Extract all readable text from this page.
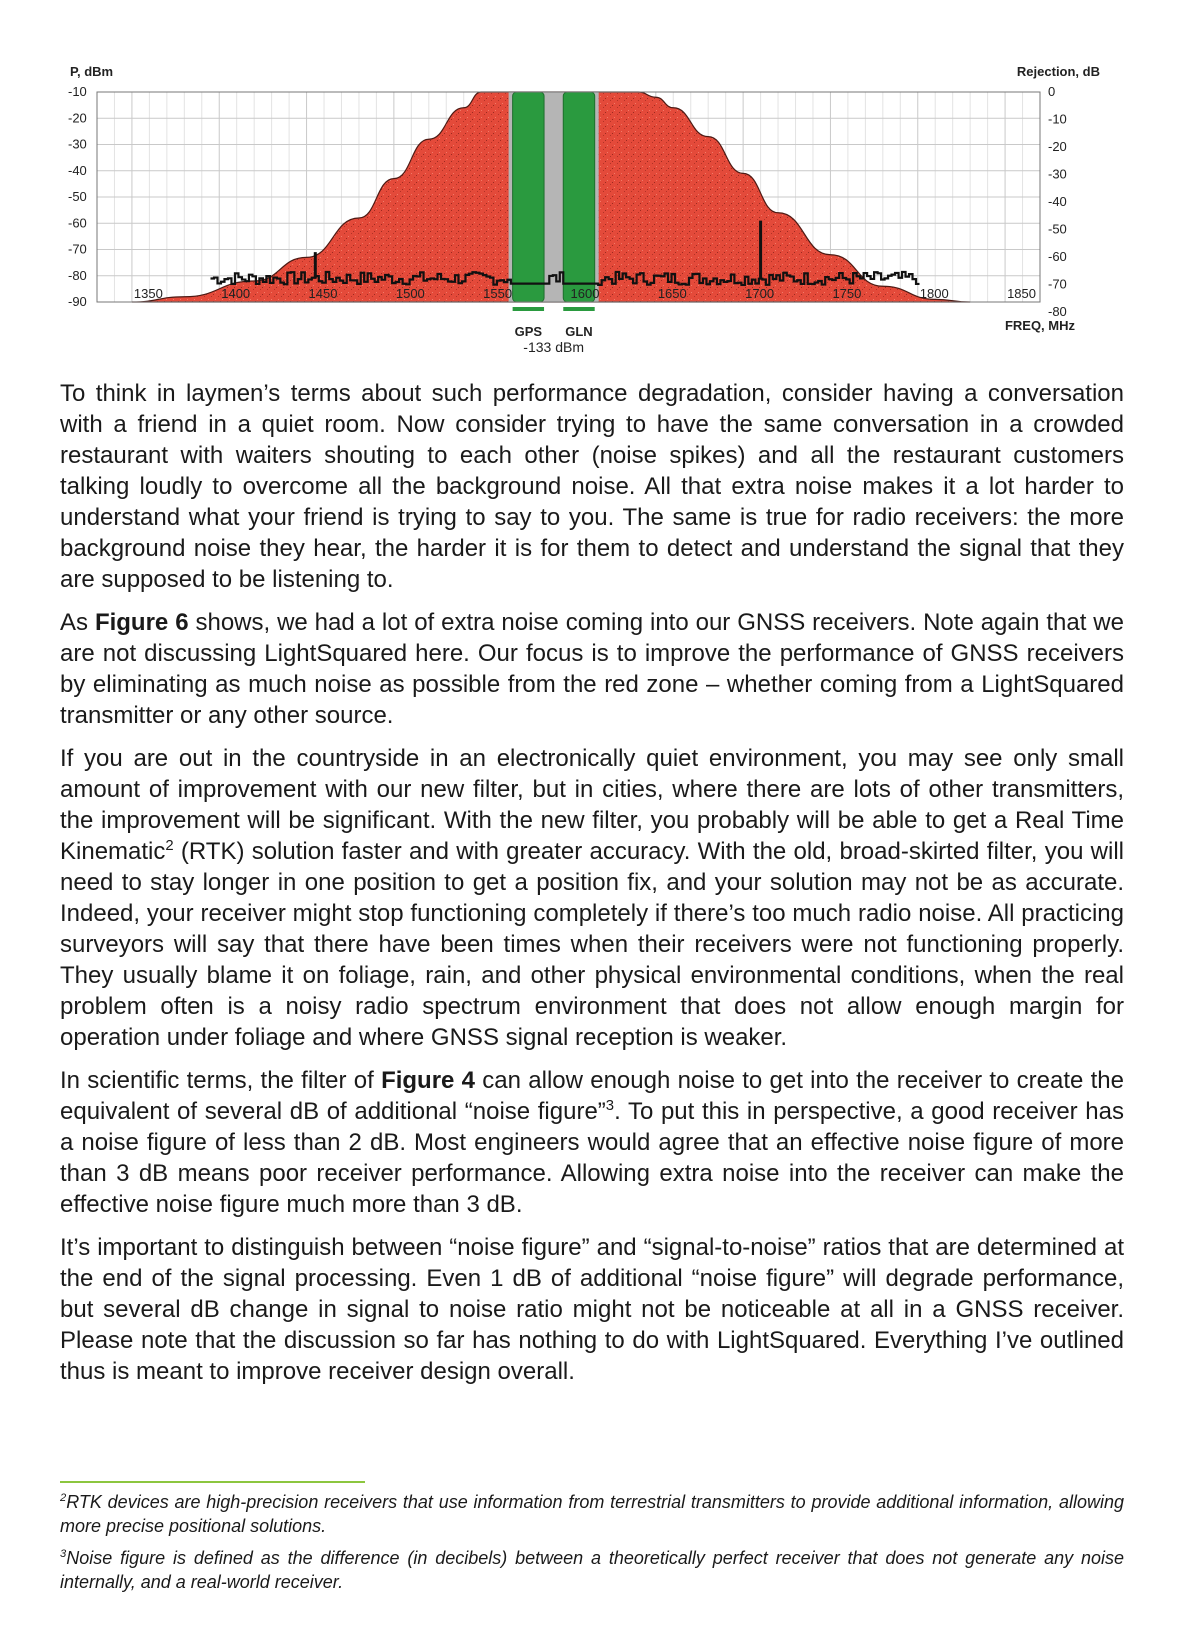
-10
-20
-30
-40
-50
-60
-70
-80
-90
0
-10
-20
-30
-40
-50
-60
-70
-80
1350	1400	1450	1500	1550	1600	1650	1700	1750	1800	1850
P, dBm	Rejection, dB
FREQ, MHz
GPS GLN
-133 dBm

To think in laymen’s terms about such performance degradation, consider having a conversation with a friend in a quiet room. Now consider trying to have the same conversation in a crowded restaurant with waiters shouting to each other (noise spikes) and all the restaurant customers talking loudly to overcome all the background noise. All that extra noise makes it a lot harder to understand what your friend is trying to say to you. The same is true for radio receivers: the more background noise they hear, the harder it is for them to detect and understand the signal that they are supposed to be listening to.

As Figure 6 shows, we had a lot of extra noise coming into our GNSS receivers. Note again that we are not discussing LightSquared here. Our focus is to improve the performance of GNSS receivers by eliminating as much noise as possible from the red zone – whether coming from a LightSquared transmitter or any other source.

If you are out in the countryside in an electronically quiet environment, you may see only small amount of improvement with our new filter, but in cities, where there are lots of other transmitters, the improvement will be significant. With the new filter, you probably will be able to get a Real Time Kinematic$^2$ (RTK) solution faster and with greater accuracy. With the old, broad-skirted filter, you will need to stay longer in one position to get a position fix, and your solution may not be as accurate. Indeed, your receiver might stop functioning completely if there’s too much radio noise. All practicing surveyors will say that there have been times when their receivers were not functioning properly. They usually blame it on foliage, rain, and other physical environmental conditions, when the real problem often is a noisy radio spectrum environment that does not allow enough margin for operation under foliage and where GNSS signal reception is weaker.

In scientific terms, the filter of Figure 4 can allow enough noise to get into the receiver to create the equivalent of several dB of additional “noise figure”$^3$. To put this in perspective, a good receiver has a noise figure of less than 2 dB. Most engineers would agree that an effective noise figure of more than 3 dB means poor receiver performance. Allowing extra noise into the receiver can make the effective noise figure much more than 3 dB.

It’s important to distinguish between “noise figure” and “signal-to-noise” ratios that are determined at the end of the signal processing. Even 1 dB of additional “noise figure” will degrade performance, but several dB change in signal to noise ratio might not be noticeable at all in a GNSS receiver. Please note that the discussion so far has nothing to do with LightSquared. Everything I’ve outlined thus is meant to improve receiver design overall.

$^2$RTK devices are high-precision receivers that use information from terrestrial transmitters to provide additional information, allowing more precise positional solutions.

$^3$Noise figure is defined as the difference (in decibels) between a theoretically perfect receiver that does not generate any noise internally, and a real-world receiver.
